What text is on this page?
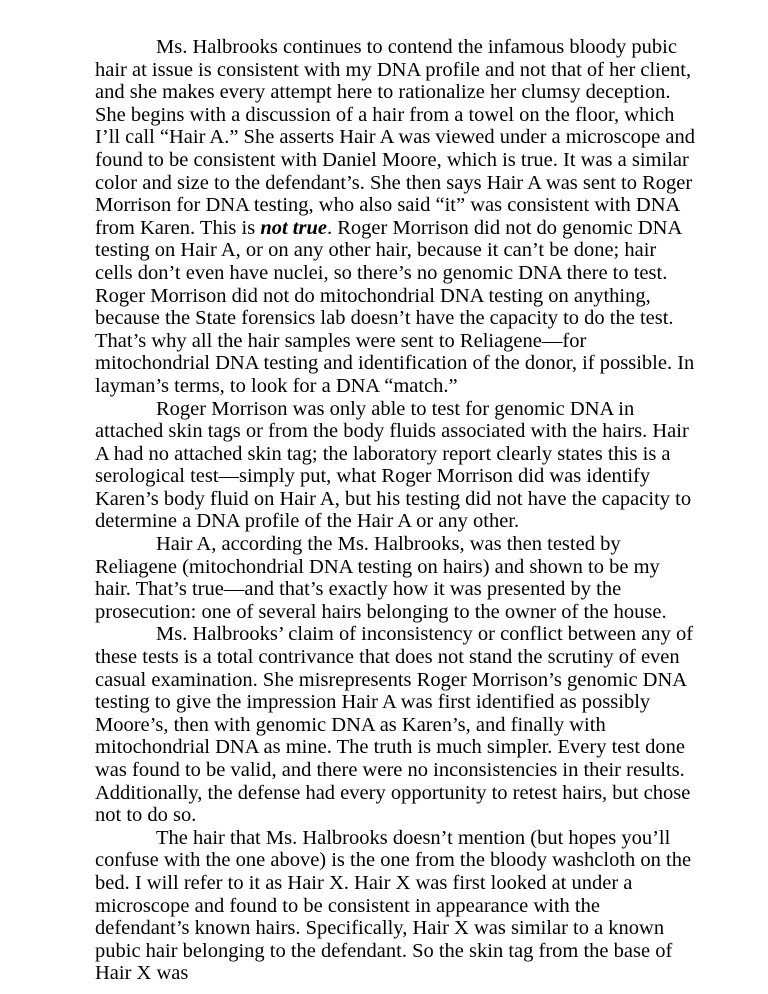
Ms. Halbrooks continues to contend the infamous bloody pubic hair at issue is consistent with my DNA profile and not that of her client, and she makes every attempt here to rationalize her clumsy deception. She begins with a discussion of a hair from a towel on the floor, which I’ll call “Hair A.” She asserts Hair A was viewed under a microscope and found to be consistent with Daniel Moore, which is true. It was a similar color and size to the defendant’s. She then says Hair A was sent to Roger Morrison for DNA testing, who also said “it” was consistent with DNA from Karen. This is not true. Roger Morrison did not do genomic DNA testing on Hair A, or on any other hair, because it can’t be done; hair cells don’t even have nuclei, so there’s no genomic DNA there to test. Roger Morrison did not do mitochondrial DNA testing on anything, because the State forensics lab doesn’t have the capacity to do the test. That’s why all the hair samples were sent to Reliagene—for mitochondrial DNA testing and identification of the donor, if possible. In layman’s terms, to look for a DNA “match.”

Roger Morrison was only able to test for genomic DNA in attached skin tags or from the body fluids associated with the hairs. Hair A had no attached skin tag; the laboratory report clearly states this is a serological test—simply put, what Roger Morrison did was identify Karen’s body fluid on Hair A, but his testing did not have the capacity to determine a DNA profile of the Hair A or any other.

Hair A, according the Ms. Halbrooks, was then tested by Reliagene (mitochondrial DNA testing on hairs) and shown to be my hair. That’s true—and that’s exactly how it was presented by the prosecution: one of several hairs belonging to the owner of the house.

Ms. Halbrooks’ claim of inconsistency or conflict between any of these tests is a total contrivance that does not stand the scrutiny of even casual examination. She misrepresents Roger Morrison’s genomic DNA testing to give the impression Hair A was first identified as possibly Moore’s, then with genomic DNA as Karen’s, and finally with mitochondrial DNA as mine. The truth is much simpler. Every test done was found to be valid, and there were no inconsistencies in their results. Additionally, the defense had every opportunity to retest hairs, but chose not to do so.

The hair that Ms. Halbrooks doesn’t mention (but hopes you’ll confuse with the one above) is the one from the bloody washcloth on the bed. I will refer to it as Hair X. Hair X was first looked at under a microscope and found to be consistent in appearance with the defendant’s known hairs. Specifically, Hair X was similar to a known pubic hair belonging to the defendant. So the skin tag from the base of Hair X was
